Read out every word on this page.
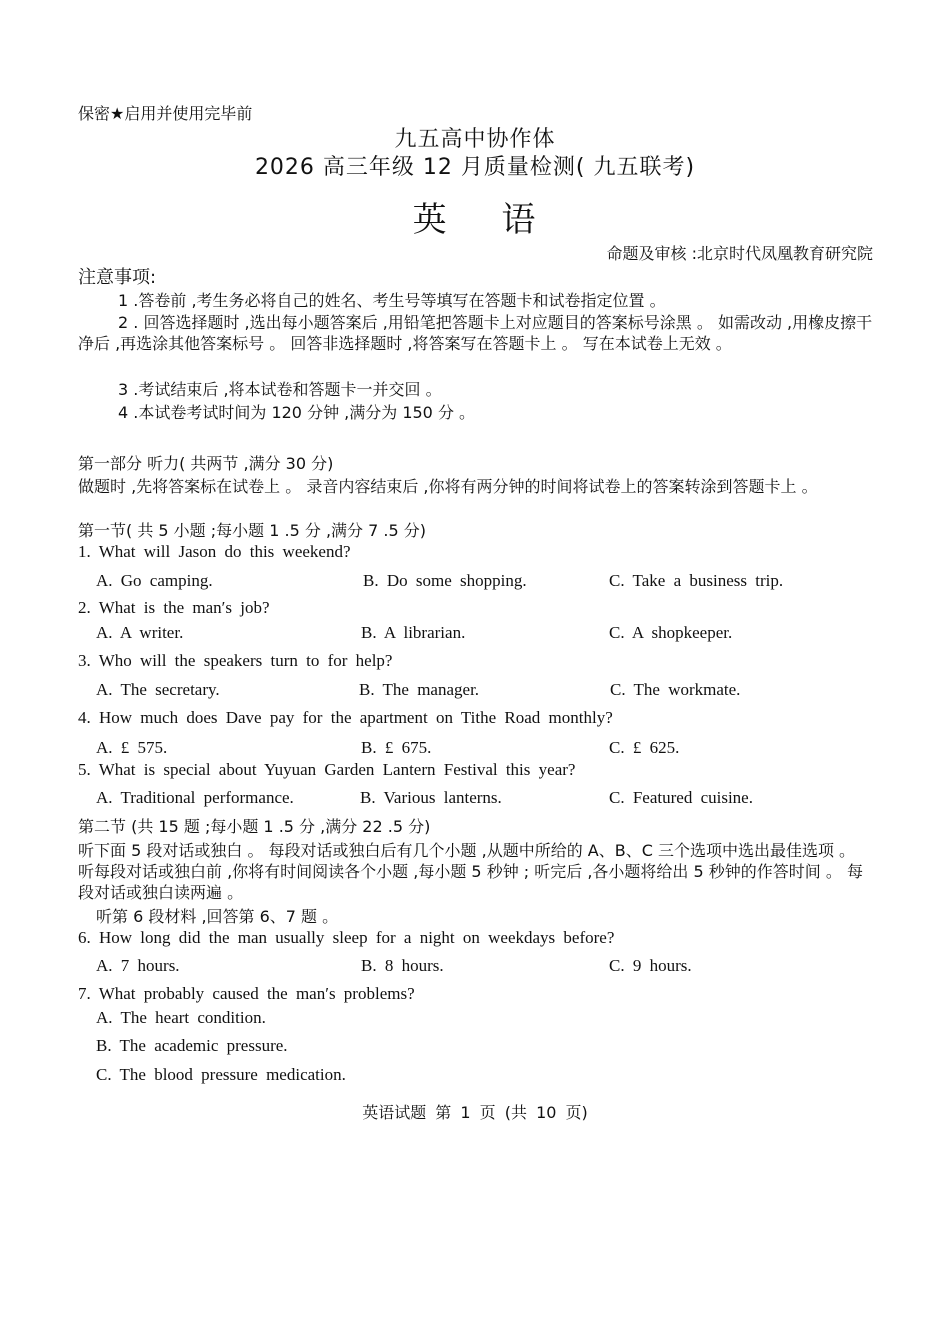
保密★启用并使用完毕前
九五高中协作体
2026 高三年级 12 月质量检测( 九五联考)
英 语
命题及审核 :北京时代凤凰教育研究院
注意事项:
1 .答卷前 ,考生务必将自己的姓名、考生号等填写在答题卡和试卷指定位置 。
2 . 回答选择题时 ,选出每小题答案后 ,用铅笔把答题卡上对应题目的答案标号涂黑 。 如需改动 ,用橡皮擦干净后 ,再选涂其他答案标号 。 回答非选择题时 ,将答案写在答题卡上 。 写在本试卷上无效 。
3 .考试结束后 ,将本试卷和答题卡一并交回 。
4 .本试卷考试时间为 120 分钟 ,满分为 150 分 。
第一部分 听力( 共两节 ,满分 30 分)
做题时 ,先将答案标在试卷上 。 录音内容结束后 ,你将有两分钟的时间将试卷上的答案转涂到答题卡上 。
第一节( 共 5 小题 ;每小题 1 .5 分 ,满分 7 .5 分)
1. What will Jason do this weekend?
A. Go camping.	B. Do some shopping.	C. Take a business trip.
2. What is the man′s job?
A. A writer.	B. A librarian.	C. A shopkeeper.
3. Who will the speakers turn to for help?
A. The secretary.	B. The manager.	C. The workmate.
4. How much does Dave pay for the apartment on Tithe Road monthly?
A. £ 575.	B. £ 675.	C. £ 625.
5. What is special about Yuyuan Garden Lantern Festival this year?
A. Traditional performance.	B. Various lanterns.	C. Featured cuisine.
第二节 (共 15 题 ;每小题 1 .5 分 ,满分 22 .5 分)
听下面 5 段对话或独白 。 每段对话或独白后有几个小题 ,从题中所给的 A、B、C 三个选项中选出最佳选项 。 听每段对话或独白前 ,你将有时间阅读各个小题 ,每小题 5 秒钟 ; 听完后 ,各小题将给出 5 秒钟的作答时间 。 每段对话或独白读两遍 。
听第 6 段材料 ,回答第 6、7 题 。
6. How long did the man usually sleep for a night on weekdays before?
A. 7 hours.	B. 8 hours.	C. 9 hours.
7. What probably caused the man′s problems?
A. The heart condition.
B. The academic pressure.
C. The blood pressure medication.
英语试题 第 1 页 (共 10 页)
